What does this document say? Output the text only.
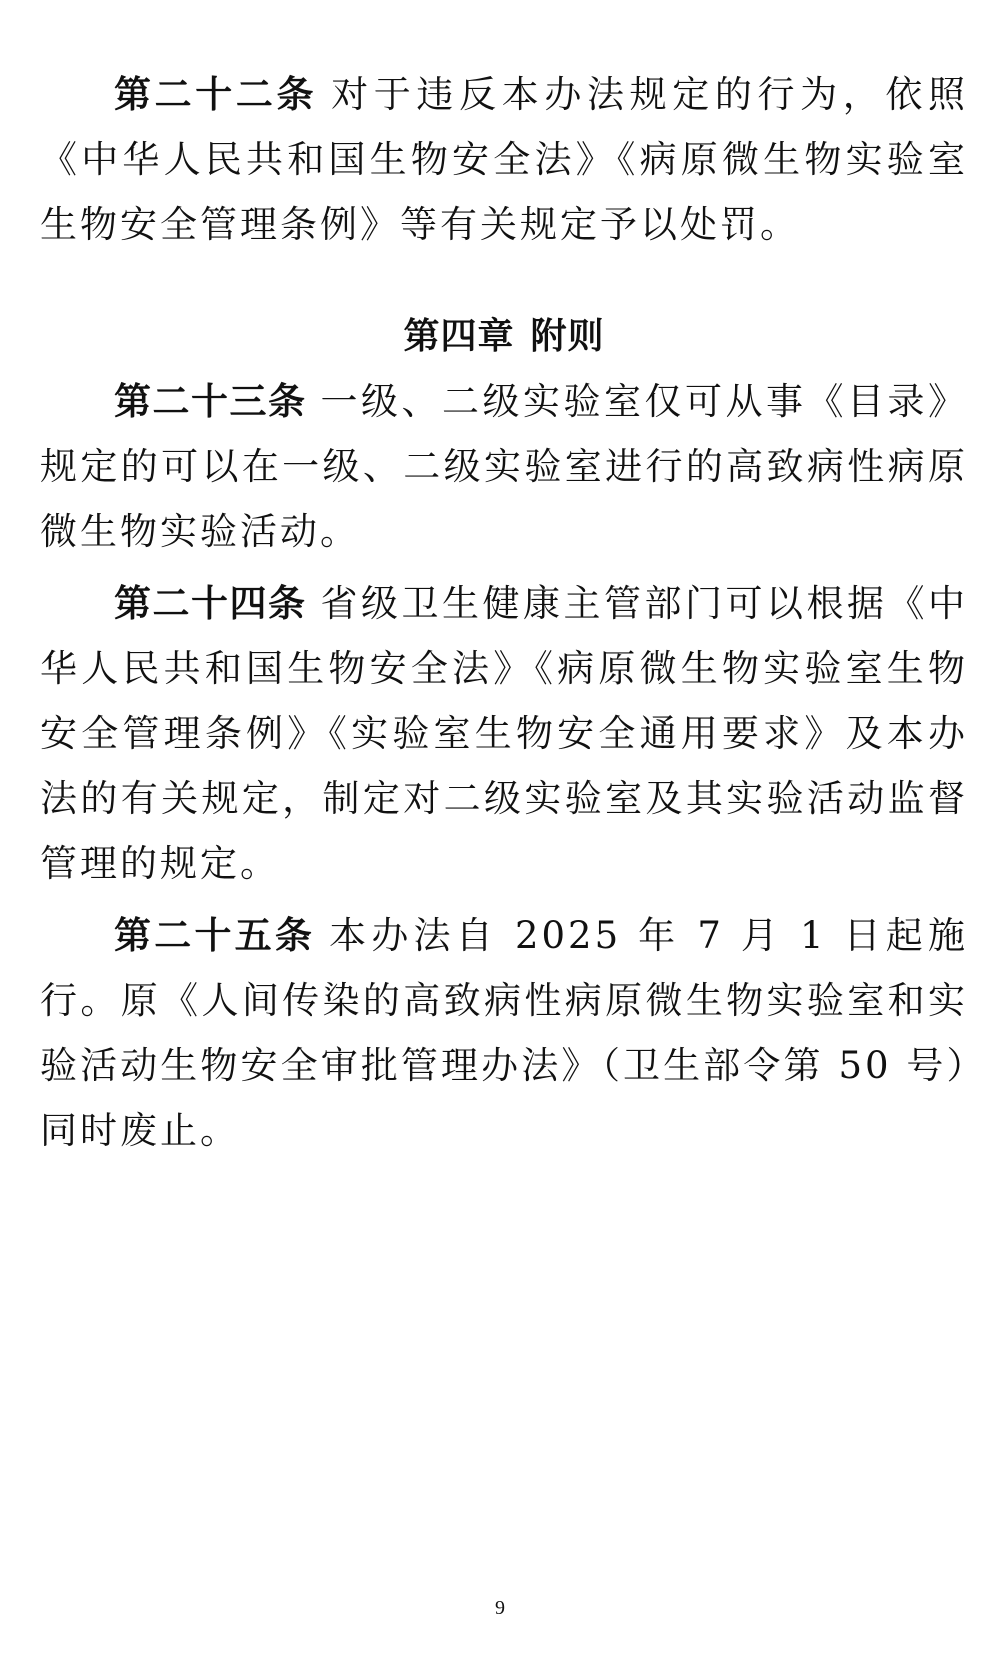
第二十二条 对于违反本办法规定的行为，依照《中华人民共和国生物安全法》《病原微生物实验室生物安全管理条例》等有关规定予以处罚。

第四章 附则

第二十三条 一级、二级实验室仅可从事《目录》规定的可以在一级、二级实验室进行的高致病性病原微生物实验活动。

第二十四条 省级卫生健康主管部门可以根据《中华人民共和国生物安全法》《病原微生物实验室生物安全管理条例》《实验室生物安全通用要求》及本办法的有关规定，制定对二级实验室及其实验活动监督管理的规定。

第二十五条 本办法自 2025 年 7 月 1 日起施行。原《人间传染的高致病性病原微生物实验室和实验活动生物安全审批管理办法》（卫生部令第 50 号）同时废止。

9
